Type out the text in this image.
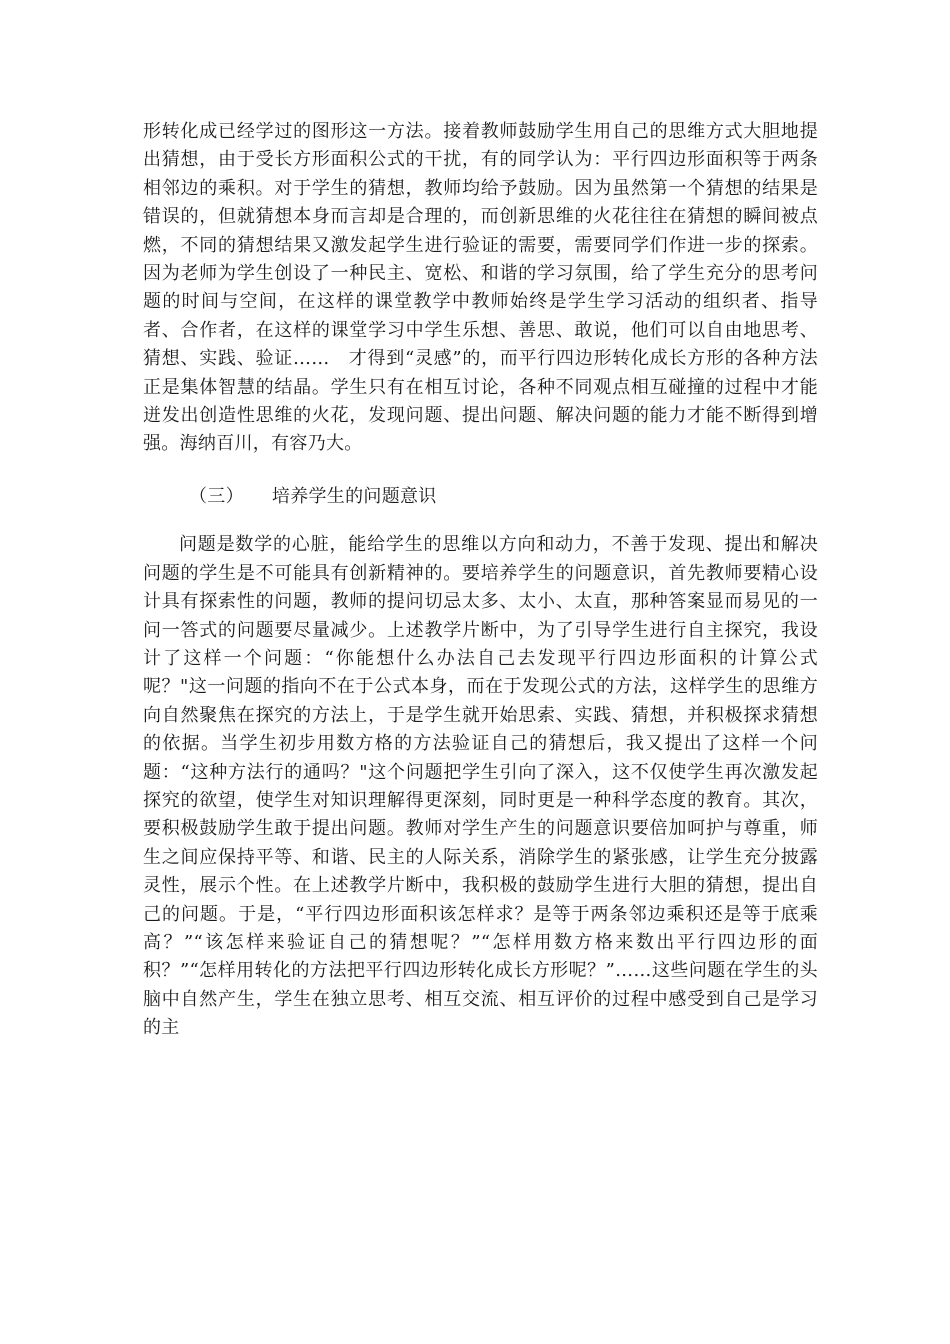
形转化成已经学过的图形这一方法。接着教师鼓励学生用自己的思维方式大胆地提出猜想，由于受长方形面积公式的干扰，有的同学认为：平行四边形面积等于两条相邻边的乘积。对于学生的猜想，教师均给予鼓励。因为虽然第一个猜想的结果是错误的，但就猜想本身而言却是合理的，而创新思维的火花往往在猜想的瞬间被点燃，不同的猜想结果又激发起学生进行验证的需要，需要同学们作进一步的探索。因为老师为学生创设了一种民主、宽松、和谐的学习氛围，给了学生充分的思考问题的时间与空间，在这样的课堂教学中教师始终是学生学习活动的组织者、指导者、合作者，在这样的课堂学习中学生乐想、善思、敢说，他们可以自由地思考、猜想、实践、验证……　才得到“灵感”的，而平行四边形转化成长方形的各种方法正是集体智慧的结晶。学生只有在相互讨论，各种不同观点相互碰撞的过程中才能迸发出创造性思维的火花，发现问题、提出问题、解决问题的能力才能不断得到增强。海纳百川，有容乃大。

（三） 培养学生的问题意识

问题是数学的心脏，能给学生的思维以方向和动力，不善于发现、提出和解决问题的学生是不可能具有创新精神的。要培养学生的问题意识，首先教师要精心设计具有探索性的问题，教师的提问切忌太多、太小、太直，那种答案显而易见的一问一答式的问题要尽量减少。上述教学片断中，为了引导学生进行自主探究，我设计了这样一个问题：“你能想什么办法自己去发现平行四边形面积的计算公式呢？"这一问题的指向不在于公式本身，而在于发现公式的方法，这样学生的思维方向自然聚焦在探究的方法上，于是学生就开始思索、实践、猜想，并积极探求猜想的依据。当学生初步用数方格的方法验证自己的猜想后，我又提出了这样一个问题：“这种方法行的通吗？"这个问题把学生引向了深入，这不仅使学生再次激发起探究的欲望，使学生对知识理解得更深刻，同时更是一种科学态度的教育。其次，要积极鼓励学生敢于提出问题。教师对学生产生的问题意识要倍加呵护与尊重，师生之间应保持平等、和谐、民主的人际关系，消除学生的紧张感，让学生充分披露灵性，展示个性。在上述教学片断中，我积极的鼓励学生进行大胆的猜想，提出自己的问题。于是，“平行四边形面积该怎样求？是等于两条邻边乘积还是等于底乘高？”“该怎样来验证自己的猜想呢？”“怎样用数方格来数出平行四边形的面积？”“怎样用转化的方法把平行四边形转化成长方形呢？”……这些问题在学生的头脑中自然产生，学生在独立思考、相互交流、相互评价的过程中感受到自己是学习的主
